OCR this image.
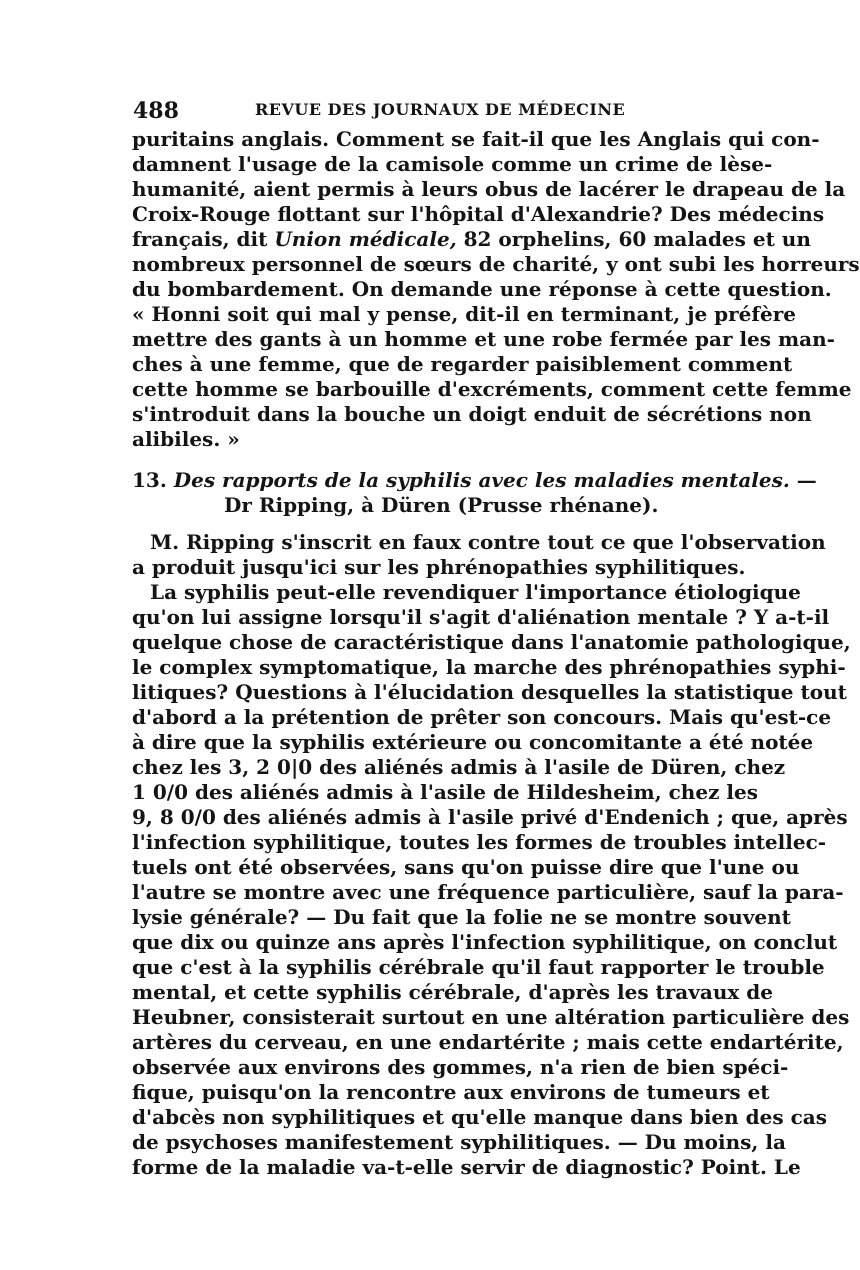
488	REVUE DES JOURNAUX DE MÉDECINE
puritains anglais. Comment se fait-il que les Anglais qui con-
damnent l'usage de la camisole comme un crime de lèse-
humanité, aient permis à leurs obus de lacérer le drapeau de la
Croix-Rouge flottant sur l'hôpital d'Alexandrie? Des médecins
français, dit Union médicale, 82 orphelins, 60 malades et un
nombreux personnel de sœurs de charité, y ont subi les horreurs
du bombardement. On demande une réponse à cette question.
« Honni soit qui mal y pense, dit-il en terminant, je préfère
mettre des gants à un homme et une robe fermée par les man-
ches à une femme, que de regarder paisiblement comment
cette homme se barbouille d'excréments, comment cette femme
s'introduit dans la bouche un doigt enduit de sécrétions non
alibiles. »
13. Des rapports de la syphilis avec les maladies mentales. —
Dr Ripping, à Düren (Prusse rhénane).
M. Ripping s'inscrit en faux contre tout ce que l'observation
a produit jusqu'ici sur les phrénopathies syphilitiques.
La syphilis peut-elle revendiquer l'importance étiologique
qu'on lui assigne lorsqu'il s'agit d'aliénation mentale ? Y a-t-il
quelque chose de caractéristique dans l'anatomie pathologique,
le complex symptomatique, la marche des phrénopathies syphi-
litiques? Questions à l'élucidation desquelles la statistique tout
d'abord a la prétention de prêter son concours. Mais qu'est-ce
à dire que la syphilis extérieure ou concomitante a été notée
chez les 3, 2 0|0 des aliénés admis à l'asile de Düren, chez
1 0/0 des aliénés admis à l'asile de Hildesheim, chez les
9, 8 0/0 des aliénés admis à l'asile privé d'Endenich ; que, après
l'infection syphilitique, toutes les formes de troubles intellec-
tuels ont été observées, sans qu'on puisse dire que l'une ou
l'autre se montre avec une fréquence particulière, sauf la para-
lysie générale? — Du fait que la folie ne se montre souvent
que dix ou quinze ans après l'infection syphilitique, on conclut
que c'est à la syphilis cérébrale qu'il faut rapporter le trouble
mental, et cette syphilis cérébrale, d'après les travaux de
Heubner, consisterait surtout en une altération particulière des
artères du cerveau, en une endartérite ; mais cette endartérite,
observée aux environs des gommes, n'a rien de bien spéci-
fique, puisqu'on la rencontre aux environs de tumeurs et
d'abcès non syphilitiques et qu'elle manque dans bien des cas
de psychoses manifestement syphilitiques. — Du moins, la
forme de la maladie va-t-elle servir de diagnostic? Point. Le
